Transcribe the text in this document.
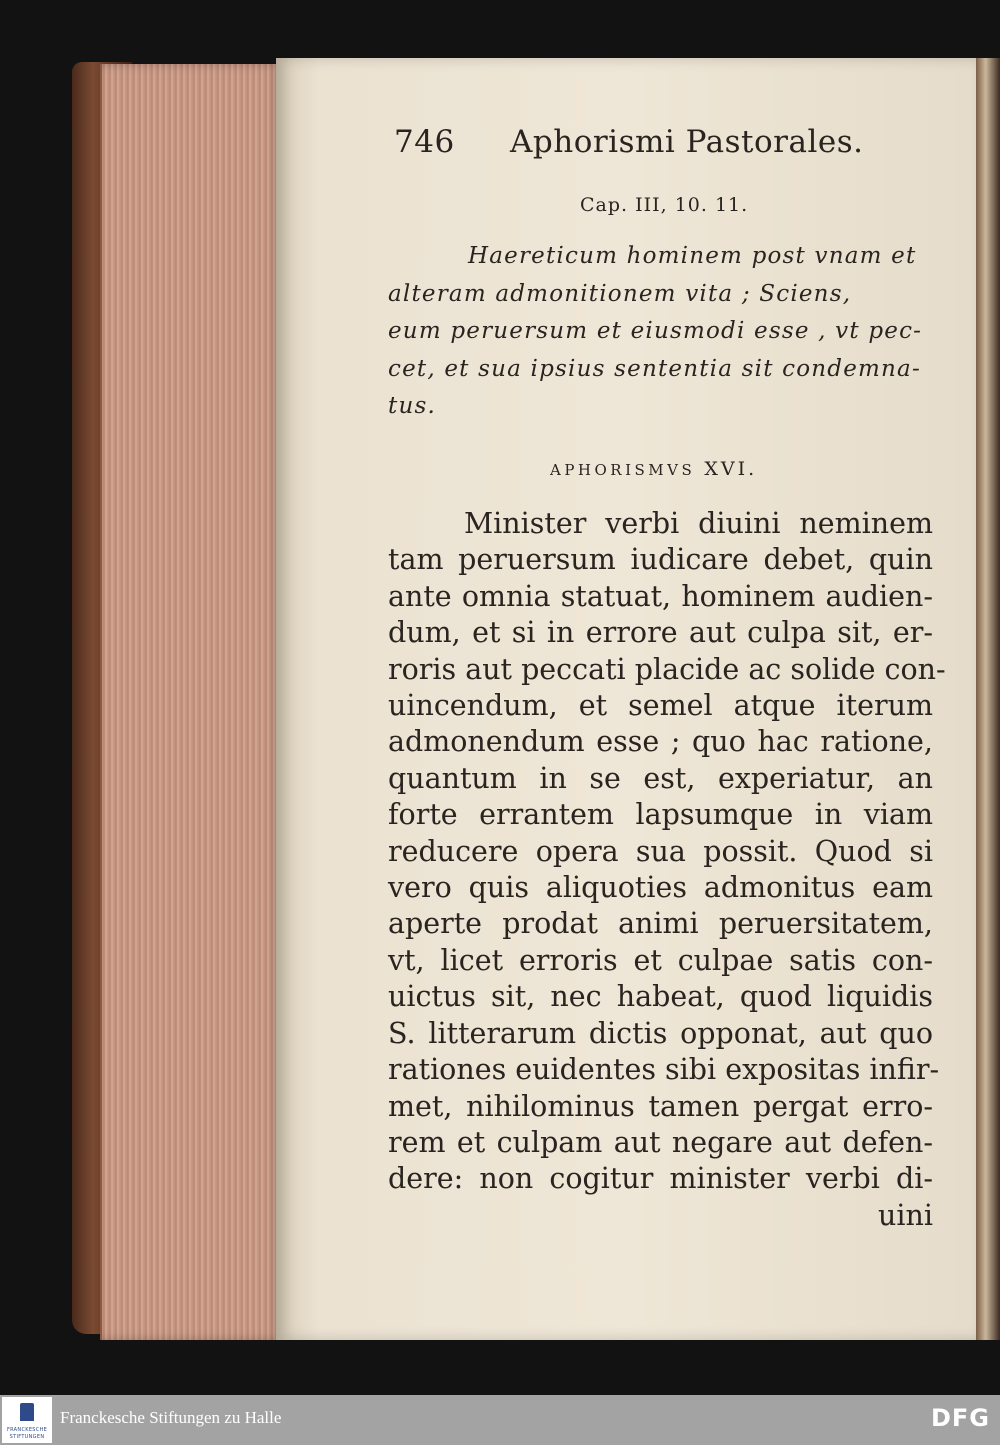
746 Aphorismi Pastorales.
Cap. III, 10. 11.
Haereticum hominem post vnam et
alteram admonitionem vita ; Sciens,
eum peruersum et eiusmodi esse , vt pec-
cet, et sua ipsius sententia sit condemna-
tus.
APHORISMVS XVI.
Minister verbi diuini neminem
tam peruersum iudicare debet, quin
ante omnia statuat, hominem audien-
dum, et si in errore aut culpa sit, er-
roris aut peccati placide ac solide con-
uincendum, et semel atque iterum
admonendum esse ; quo hac ratione,
quantum in se est, experiatur, an
forte errantem lapsumque in viam
reducere opera sua possit. Quod si
vero quis aliquoties admonitus eam
aperte prodat animi peruersitatem,
vt, licet erroris et culpae satis con-
uictus sit, nec habeat, quod liquidis
S. litterarum dictis opponat, aut quo
rationes euidentes sibi expositas infir-
met, nihilominus tamen pergat erro-
rem et culpam aut negare aut defen-
dere: non cogitur minister verbi di-
uini
FRANCKESCHE
STIFTUNGEN
Franckesche Stiftungen zu Halle	DFG
